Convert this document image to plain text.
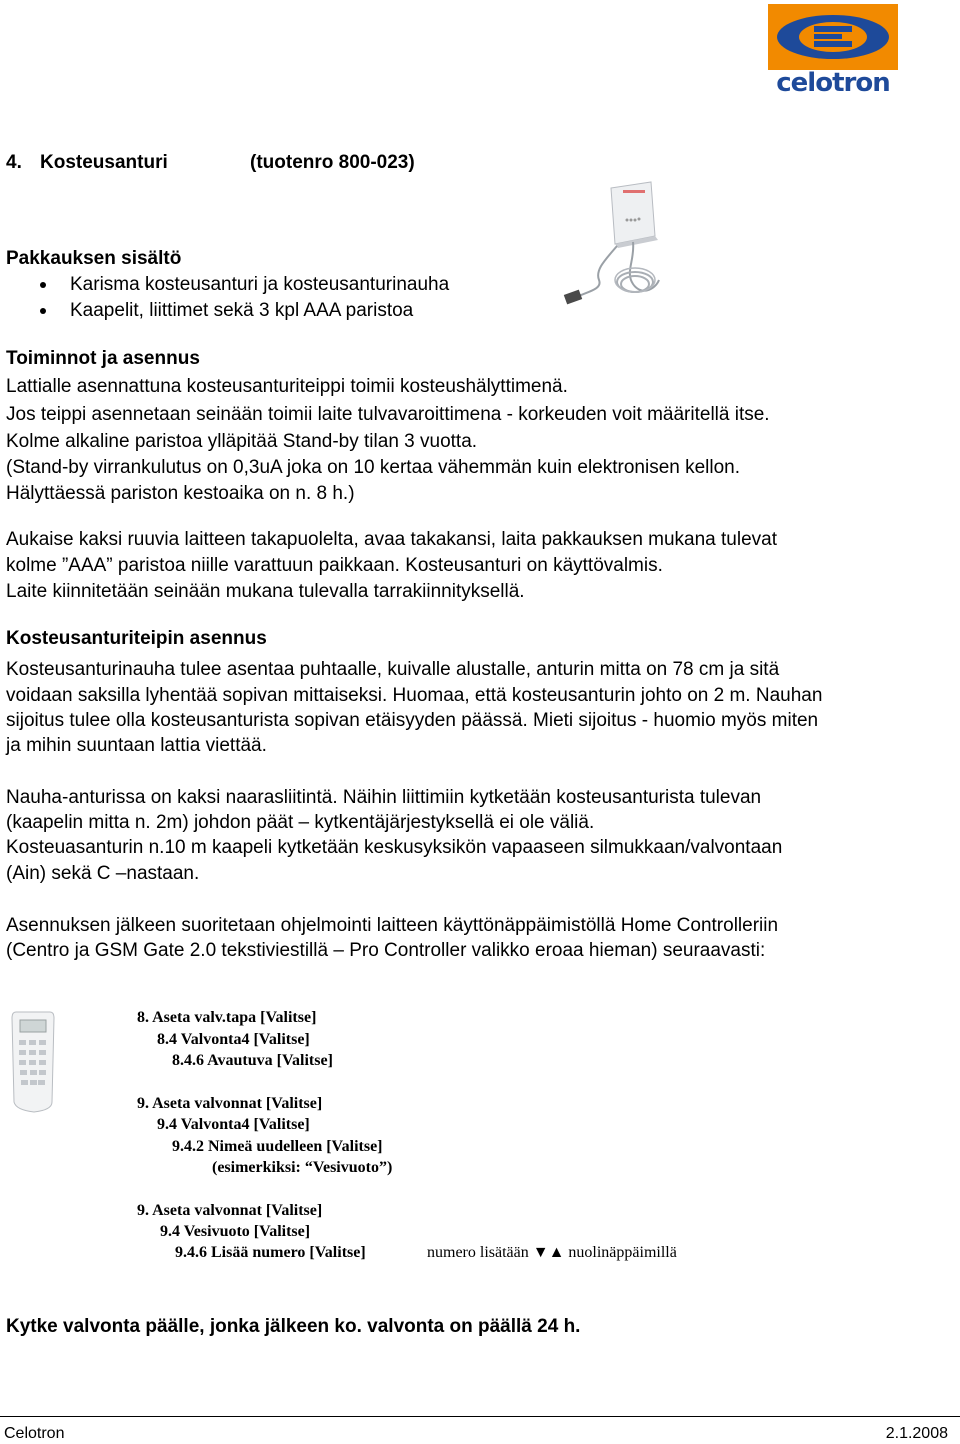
celotron
4. Kosteusanturi	(tuotenro 800-023)
Pakkauksen sisältö
Karisma kosteusanturi ja kosteusanturinauha
Kaapelit, liittimet sekä 3 kpl AAA paristoa
Toiminnot ja asennus
Lattialle asennattuna kosteusanturiteippi toimii kosteushälyttimenä.
Jos teippi asennetaan seinään toimii laite tulvavaroittimena - korkeuden voit määritellä itse.
Kolme alkaline paristoa ylläpitää Stand-by tilan 3 vuotta.
(Stand-by virrankulutus on 0,3uA joka on 10 kertaa vähemmän kuin elektronisen kellon.
Hälyttäessä pariston kestoaika on n. 8 h.)
Aukaise kaksi ruuvia laitteen takapuolelta, avaa takakansi, laita pakkauksen mukana tulevat
kolme ”AAA” paristoa niille varattuun paikkaan. Kosteusanturi on käyttövalmis.
Laite kiinnitetään seinään mukana tulevalla tarrakiinnityksellä.
Kosteusanturiteipin asennus
Kosteusanturinauha tulee asentaa puhtaalle, kuivalle alustalle, anturin mitta on 78 cm ja sitä
voidaan saksilla lyhentää sopivan mittaiseksi. Huomaa, että kosteusanturin johto on 2 m. Nauhan
sijoitus tulee olla kosteusanturista sopivan etäisyyden päässä. Mieti sijoitus - huomio myös miten
ja mihin suuntaan lattia viettää.
Nauha-anturissa on kaksi naarasliitintä. Näihin liittimiin kytketään kosteusanturista tulevan
(kaapelin mitta n. 2m) johdon päät – kytkentäjärjestyksellä ei ole väliä.
Kosteuasanturin n.10 m kaapeli kytketään keskusyksikön vapaaseen silmukkaan/valvontaan
(Ain) sekä C –nastaan.
Asennuksen jälkeen suoritetaan ohjelmointi laitteen käyttönäppäimistöllä Home Controlleriin
(Centro ja GSM Gate 2.0 tekstiviestillä – Pro Controller valikko eroaa hieman) seuraavasti:
8. Aseta valv.tapa [Valitse]
8.4 Valvonta4 [Valitse]
8.4.6 Avautuva [Valitse]
9. Aseta valvonnat [Valitse]
9.4 Valvonta4 [Valitse]
9.4.2 Nimeä uudelleen [Valitse]
(esimerkiksi: “Vesivuoto”)
9. Aseta valvonnat [Valitse]
9.4 Vesivuoto [Valitse]
9.4.6 Lisää numero [Valitse]	numero lisätään ▼▲ nuolinäppäimillä
Kytke valvonta päälle, jonka jälkeen ko. valvonta on päällä 24 h.
Celotron	2.1.2008
